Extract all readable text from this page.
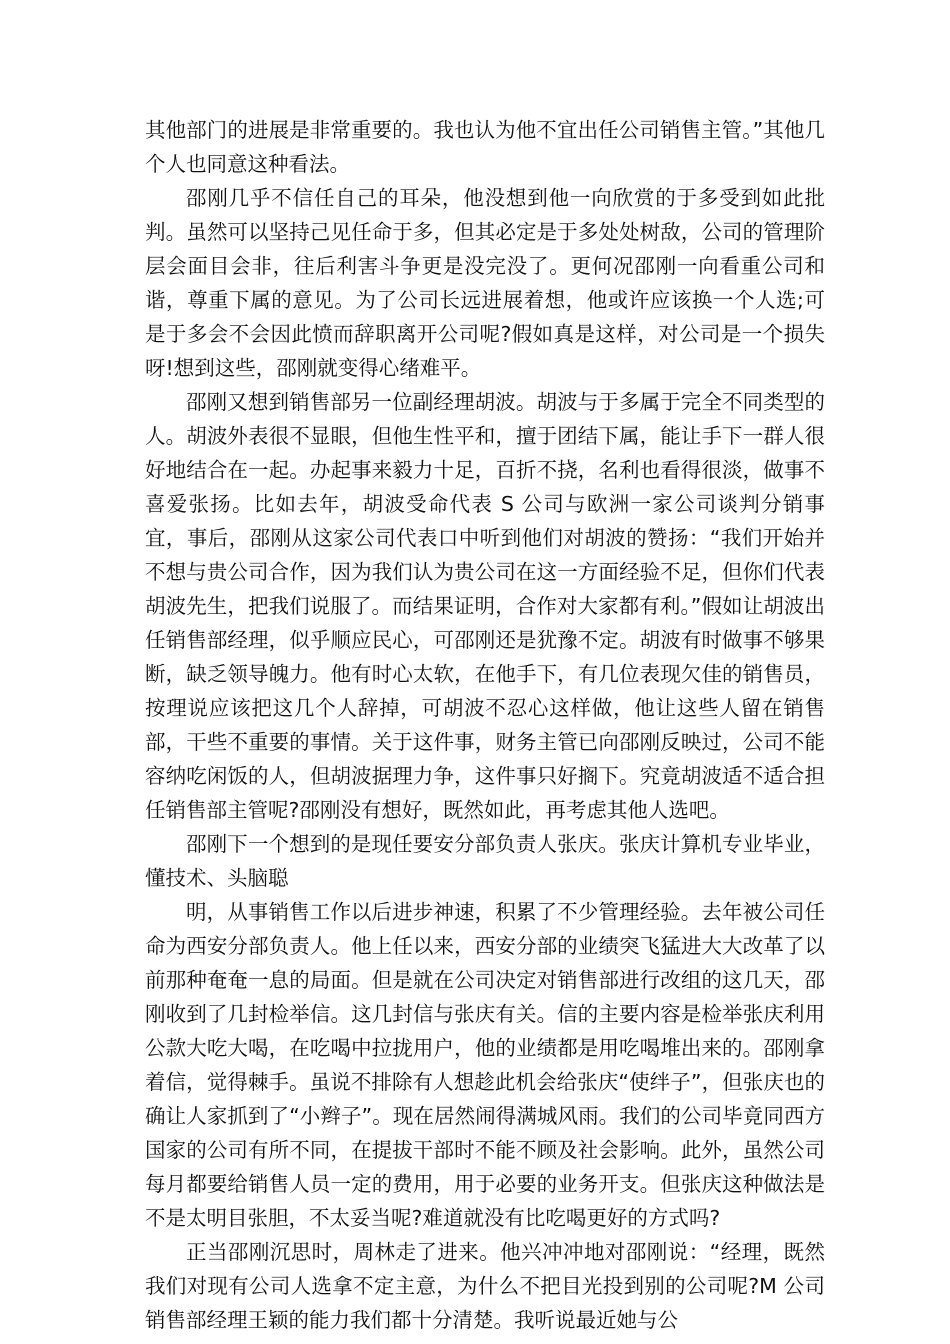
其他部门的进展是非常重要的。我也认为他不宜出任公司销售主管。”其他几个人也同意这种看法。

邵刚几乎不信任自己的耳朵，他没想到他一向欣赏的于多受到如此批判。虽然可以坚持己见任命于多，但其必定是于多处处树敌，公司的管理阶层会面目会非，往后利害斗争更是没完没了。更何况邵刚一向看重公司和谐，尊重下属的意见。为了公司长远进展着想，他或许应该换一个人选;可是于多会不会因此愤而辞职离开公司呢?假如真是这样，对公司是一个损失呀!想到这些，邵刚就变得心绪难平。

邵刚又想到销售部另一位副经理胡波。胡波与于多属于完全不同类型的人。胡波外表很不显眼，但他生性平和，擅于团结下属，能让手下一群人很好地结合在一起。办起事来毅力十足，百折不挠，名利也看得很淡，做事不喜爱张扬。比如去年，胡波受命代表 S 公司与欧洲一家公司谈判分销事宜，事后，邵刚从这家公司代表口中听到他们对胡波的赞扬：“我们开始并不想与贵公司合作，因为我们认为贵公司在这一方面经验不足，但你们代表胡波先生，把我们说服了。而结果证明，合作对大家都有利。”假如让胡波出任销售部经理，似乎顺应民心，可邵刚还是犹豫不定。胡波有时做事不够果断，缺乏领导魄力。他有时心太软，在他手下，有几位表现欠佳的销售员，按理说应该把这几个人辞掉，可胡波不忍心这样做，他让这些人留在销售部，干些不重要的事情。关于这件事，财务主管已向邵刚反映过，公司不能容纳吃闲饭的人，但胡波据理力争，这件事只好搁下。究竟胡波适不适合担任销售部主管呢?邵刚没有想好，既然如此，再考虑其他人选吧。

邵刚下一个想到的是现任要安分部负责人张庆。张庆计算机专业毕业，懂技术、头脑聪

明，从事销售工作以后进步神速，积累了不少管理经验。去年被公司任命为西安分部负责人。他上任以来，西安分部的业绩突飞猛进大大改革了以前那种奄奄一息的局面。但是就在公司决定对销售部进行改组的这几天，邵刚收到了几封检举信。这几封信与张庆有关。信的主要内容是检举张庆利用公款大吃大喝，在吃喝中拉拢用户，他的业绩都是用吃喝堆出来的。邵刚拿着信，觉得棘手。虽说不排除有人想趁此机会给张庆“使绊子”，但张庆也的确让人家抓到了“小辫子”。现在居然闹得满城风雨。我们的公司毕竟同西方国家的公司有所不同，在提拔干部时不能不顾及社会影响。此外，虽然公司每月都要给销售人员一定的费用，用于必要的业务开支。但张庆这种做法是不是太明目张胆，不太妥当呢?难道就没有比吃喝更好的方式吗?

正当邵刚沉思时，周林走了进来。他兴冲冲地对邵刚说：“经理，既然我们对现有公司人选拿不定主意，为什么不把目光投到别的公司呢?M 公司销售部经理王颖的能力我们都十分清楚。我听说最近她与公
